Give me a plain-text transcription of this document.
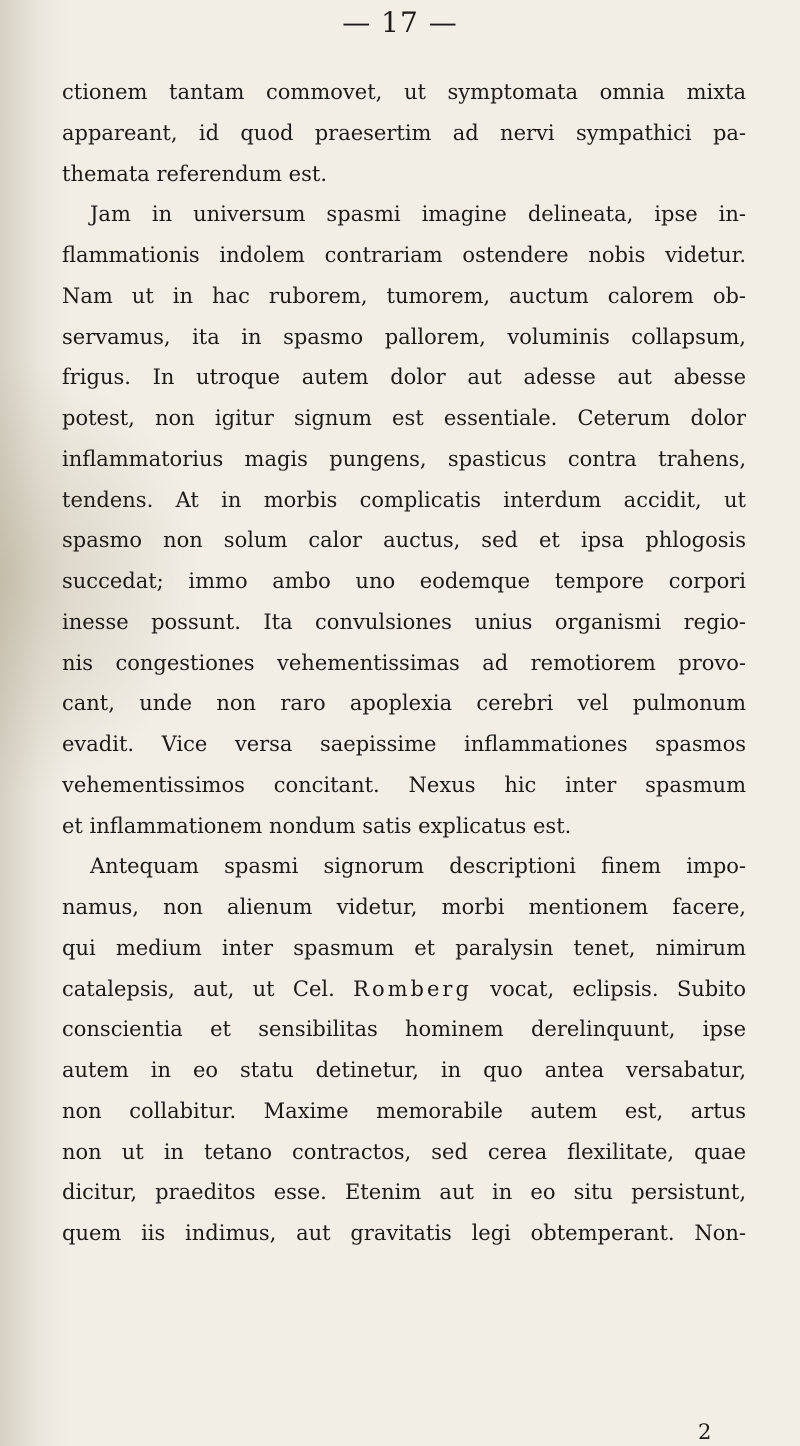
— 17 —
ctionem tantam commovet, ut symptomata omnia mixta
appareant, id quod praesertim ad nervi sympathici pa-
themata referendum est.
Jam in universum spasmi imagine delineata, ipse in-
flammationis indolem contrariam ostendere nobis videtur.
Nam ut in hac ruborem, tumorem, auctum calorem ob-
servamus, ita in spasmo pallorem, voluminis collapsum,
frigus. In utroque autem dolor aut adesse aut abesse
potest, non igitur signum est essentiale. Ceterum dolor
inflammatorius magis pungens, spasticus contra trahens,
tendens. At in morbis complicatis interdum accidit, ut
spasmo non solum calor auctus, sed et ipsa phlogosis
succedat; immo ambo uno eodemque tempore corpori
inesse possunt. Ita convulsiones unius organismi regio-
nis congestiones vehementissimas ad remotiorem provo-
cant, unde non raro apoplexia cerebri vel pulmonum
evadit. Vice versa saepissime inflammationes spasmos
vehementissimos concitant. Nexus hic inter spasmum
et inflammationem nondum satis explicatus est.
Antequam spasmi signorum descriptioni finem impo-
namus, non alienum videtur, morbi mentionem facere,
qui medium inter spasmum et paralysin tenet, nimirum
catalepsis, aut, ut Cel. Romberg vocat, eclipsis. Subito
conscientia et sensibilitas hominem derelinquunt, ipse
autem in eo statu detinetur, in quo antea versabatur,
non collabitur. Maxime memorabile autem est, artus
non ut in tetano contractos, sed cerea flexilitate, quae
dicitur, praeditos esse. Etenim aut in eo situ persistunt,
quem iis indimus, aut gravitatis legi obtemperant. Non-
2
